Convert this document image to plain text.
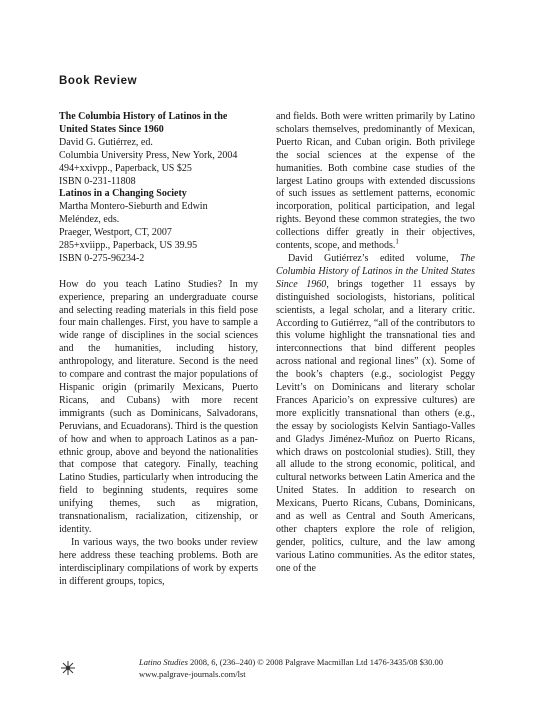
Book Review
The Columbia History of Latinos in the United States Since 1960
David G. Gutiérrez, ed.
Columbia University Press, New York, 2004
494+xxivpp., Paperback, US $25
ISBN 0-231-11808
Latinos in a Changing Society
Martha Montero-Sieburth and Edwin
Meléndez, eds.
Praeger, Westport, CT, 2007
285+xviipp., Paperback, US 39.95
ISBN 0-275-96234-2

How do you teach Latino Studies? In my experience, preparing an undergraduate course and selecting reading materials in this field pose four main challenges. First, you have to sample a wide range of disciplines in the social sciences and the humanities, including history, anthropology, and literature. Second is the need to compare and contrast the major populations of Hispanic origin (primarily Mexicans, Puerto Ricans, and Cubans) with more recent immigrants (such as Dominicans, Salvadorans, Peruvians, and Ecuadorans). Third is the question of how and when to approach Latinos as a pan-ethnic group, above and beyond the nationalities that compose that category. Finally, teaching Latino Studies, particularly when introducing the field to beginning students, requires some unifying themes, such as migration, transnationalism, racialization, citizenship, or identity.

In various ways, the two books under review here address these teaching problems. Both are interdisciplinary compilations of work by experts in different groups, topics,

and fields. Both were written primarily by Latino scholars themselves, predominantly of Mexican, Puerto Rican, and Cuban origin. Both privilege the social sciences at the expense of the humanities. Both combine case studies of the largest Latino groups with extended discussions of such issues as settlement patterns, economic incorporation, political participation, and legal rights. Beyond these common strategies, the two collections differ greatly in their objectives, contents, scope, and methods.$^1$

David Gutiérrez’s edited volume, The Columbia History of Latinos in the United States Since 1960, brings together 11 essays by distinguished sociologists, historians, political scientists, a legal scholar, and a literary critic. According to Gutiérrez, “all of the contributors to this volume highlight the transnational ties and interconnections that bind different peoples across national and regional lines” (x). Some of the book’s chapters (e.g., sociologist Peggy Levitt’s on Dominicans and literary scholar Frances Aparicio’s on expressive cultures) are more explicitly transnational than others (e.g., the essay by sociologists Kelvin Santiago-Valles and Gladys Jiménez-Muñoz on Puerto Ricans, which draws on postcolonial studies). Still, they all allude to the strong economic, political, and cultural networks between Latin America and the United States. In addition to research on Mexicans, Puerto Ricans, Cubans, Dominicans, and as well as Central and South Americans, other chapters explore the role of religion, gender, politics, culture, and the law among various Latino communities. As the editor states, one of the

Latino Studies 2008, 6, (236–240) © 2008 Palgrave Macmillan Ltd 1476-3435/08 $30.00 www.palgrave-journals.com/lst
